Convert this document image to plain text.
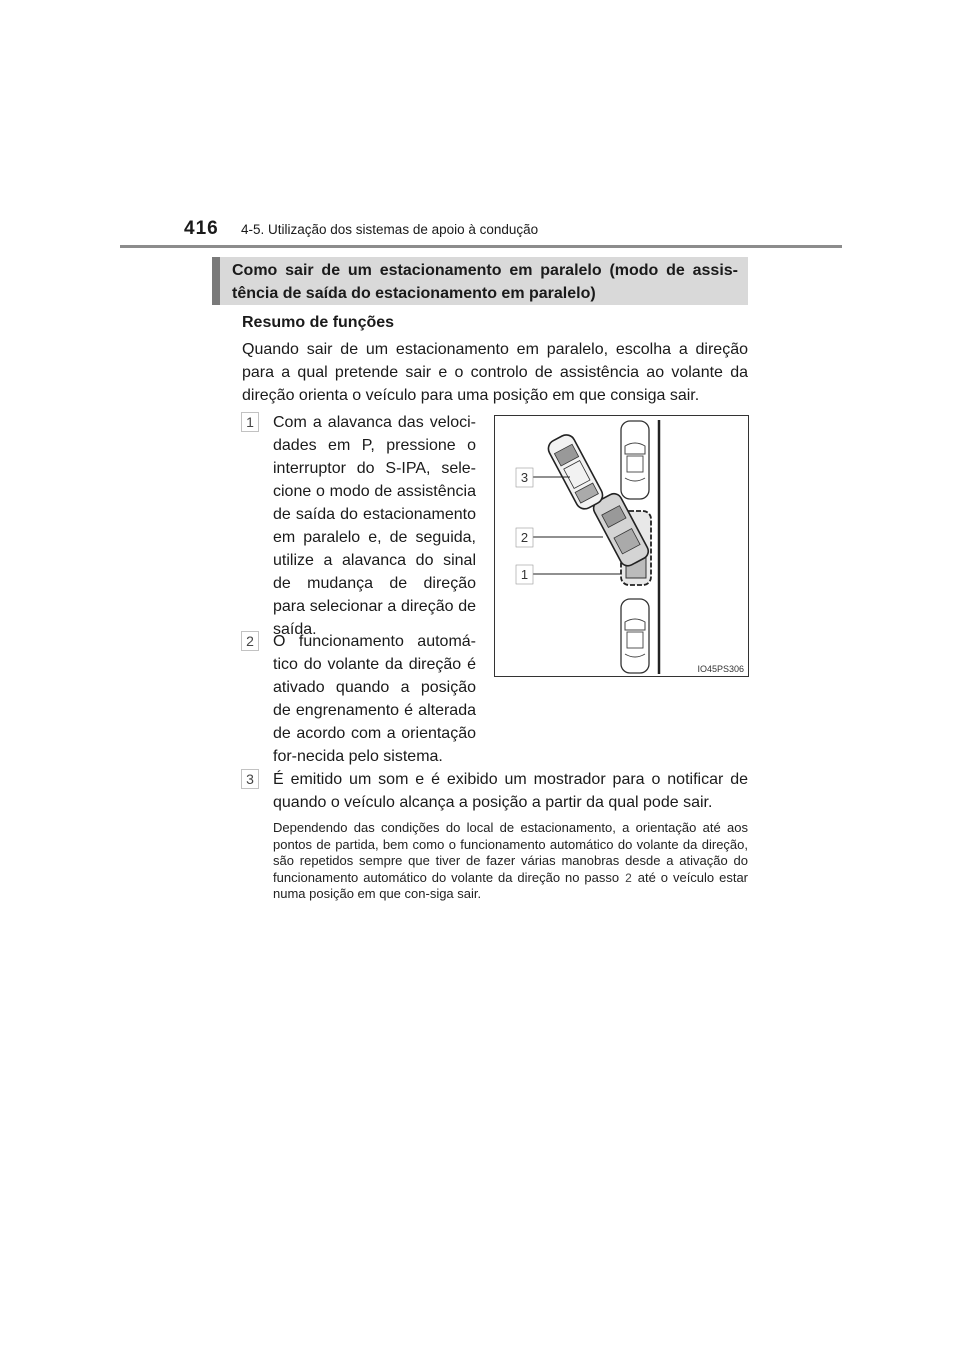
416 4-5. Utilização dos sistemas de apoio à condução
Como sair de um estacionamento em paralelo (modo de assis-tência de saída do estacionamento em paralelo)
Resumo de funções
Quando sair de um estacionamento em paralelo, escolha a direção para a qual pretende sair e o controlo de assistência ao volante da direção orienta o veículo para uma posição em que consiga sair.
1 Com a alavanca das veloci-dades em P, pressione o interruptor do S-IPA, sele-cione o modo de assistência de saída do estacionamento em paralelo e, de seguida, utilize a alavanca do sinal de mudança de direção para selecionar a direção de saída.
2 O funcionamento automá-tico do volante da direção é ativado quando a posição de engrenamento é alterada de acordo com a orientação for-necida pelo sistema.
3 É emitido um som e é exibido um mostrador para o notificar de quando o veículo alcança a posição a partir da qual pode sair.
Dependendo das condições do local de estacionamento, a orientação até aos pontos de partida, bem como o funcionamento automático do volante da direção, são repetidos sempre que tiver de fazer várias manobras desde a ativação do funcionamento automático do volante da direção no passo 2 até o veículo estar numa posição em que con-siga sair.
3
2
1
IO45PS306
